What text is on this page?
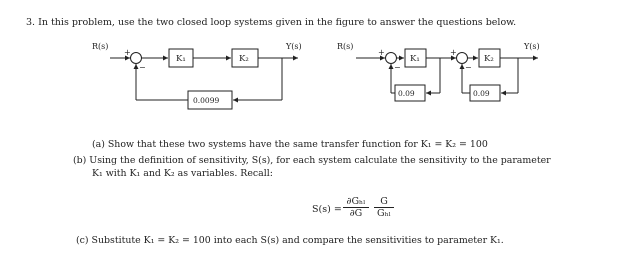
3. In this problem, use the two closed loop systems given in the figure to answer the questions below.
R(s)
+
−
Y(s)
K₁	K₂
0.0099
R(s)
+
−
+
−
Y(s)
K₁	K₂
0.09	0.09
(a) Show that these two systems have the same transfer function for K₁ = K₂ = 100
(b) Using the definition of sensitivity, S(s), for each system calculate the sensitivity to the parameter
K₁ with K₁ and K₂ as variables. Recall:
S(s) =
∂Gₕₗ
∂G
G
Gₕₗ
(c) Substitute K₁ = K₂ = 100 into each S(s) and compare the sensitivities to parameter K₁.
